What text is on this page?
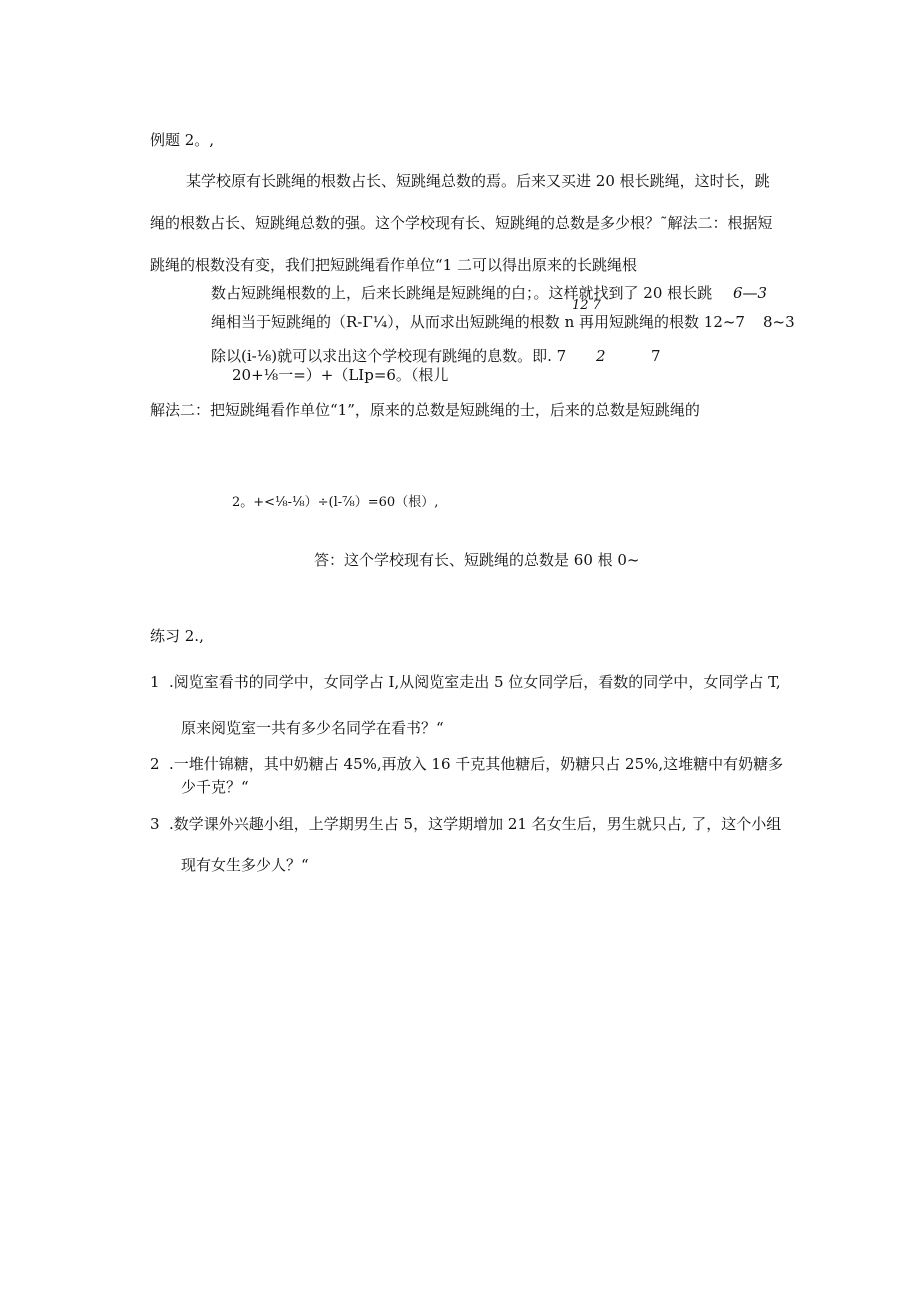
例题 2。,
某学校原有长跳绳的根数占长、短跳绳总数的焉。后来又买进 20 根长跳绳，这时长，跳
绳的根数占长、短跳绳总数的强。这个学校现有长、短跳绳的总数是多少根？˜解法二：根据短
跳绳的根数没有变，我们把短跳绳看作单位“1 二可以得出原来的长跳绳根
数占短跳绳根数的上，后来长跳绳是短跳绳的白；。这样就找到了 20 根长跳
绳相当于短跳绳的（R-Γ¼），从而求出短跳绳的根数 n 再用短跳绳的根数 12~7
除以(i-⅛)就可以求出这个学校现有跳绳的息数。即. 7
20+⅛一=）+（LIp=6。（根儿
6—3
12 7
8~3
2	7
解法二：把短跳绳看作单位“1”，原来的总数是短跳绳的士，后来的总数是短跳绳的
2。+<⅛-⅛）÷(l-⅞）=60（根）,
答：这个学校现有长、短跳绳的总数是 60 根 0~
练习 2.,
1 .阅览室看书的同学中，女同学占 I,从阅览室走出 5 位女同学后，看数的同学中，女同学占 T,
原来阅览室一共有多少名同学在看书？“
2 .一堆什锦糖，其中奶糖占 45%,再放入 16 千克其他糖后，奶糖只占 25%,这堆糖中有奶糖多
少千克？“
3 .数学课外兴趣小组，上学期男生占 5，这学期增加 21 名女生后，男生就只占, 了，这个小组
现有女生多少人？“
